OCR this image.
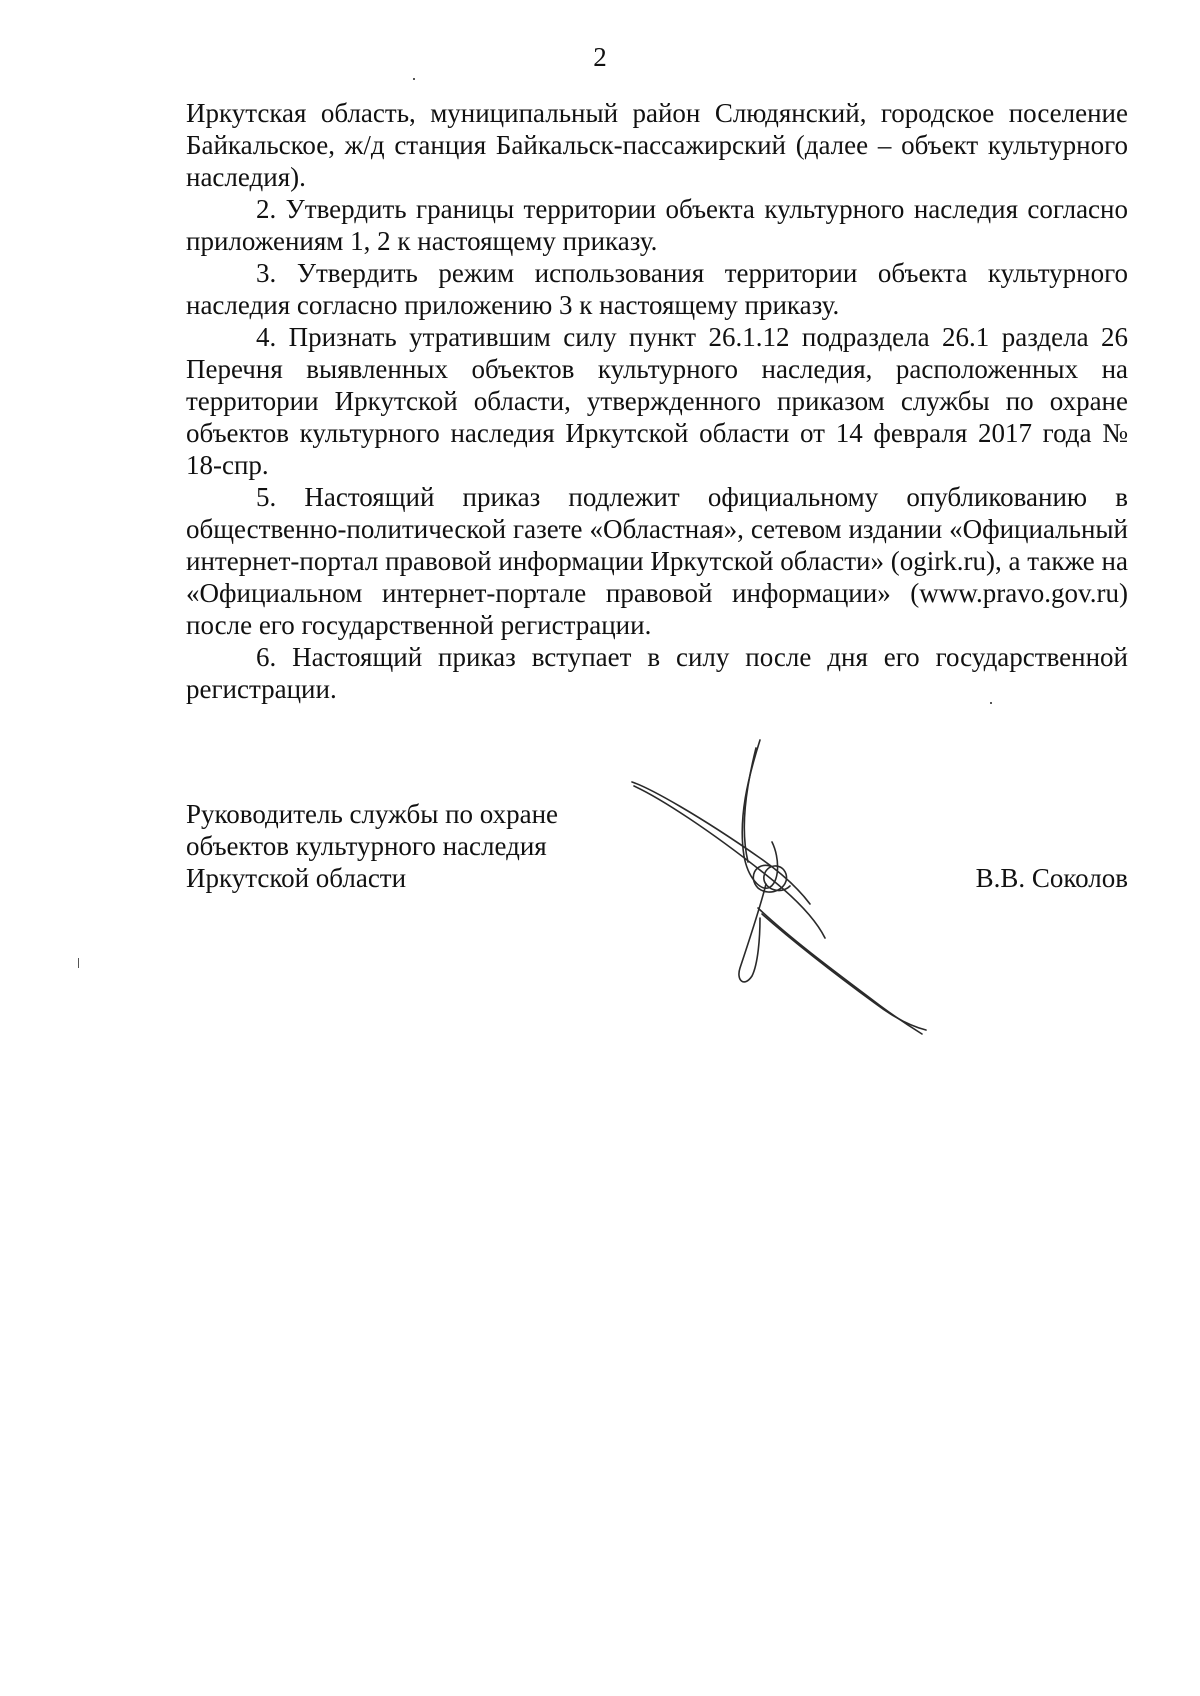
2

Иркутская область, муниципальный район Слюдянский, городское поселение Байкальское, ж/д станция Байкальск-пассажирский (далее – объект культурного наследия).

2. Утвердить границы территории объекта культурного наследия согласно приложениям 1, 2 к настоящему приказу.

3. Утвердить режим использования территории объекта культурного наследия согласно приложению 3 к настоящему приказу.

4. Признать утратившим силу пункт 26.1.12 подраздела 26.1 раздела 26 Перечня выявленных объектов культурного наследия, расположенных на территории Иркутской области, утвержденного приказом службы по охране объектов культурного наследия Иркутской области от 14 февраля 2017 года № 18-спр.

5. Настоящий приказ подлежит официальному опубликованию в общественно-политической газете «Областная», сетевом издании «Официальный интернет-портал правовой информации Иркутской области» (ogirk.ru), а также на «Официальном интернет-портале правовой информации» (www.pravo.gov.ru) после его государственной регистрации.

6. Настоящий приказ вступает в силу после дня его государственной регистрации.

Руководитель службы по охране
объектов культурного наследия
Иркутской области	В.В. Соколов
